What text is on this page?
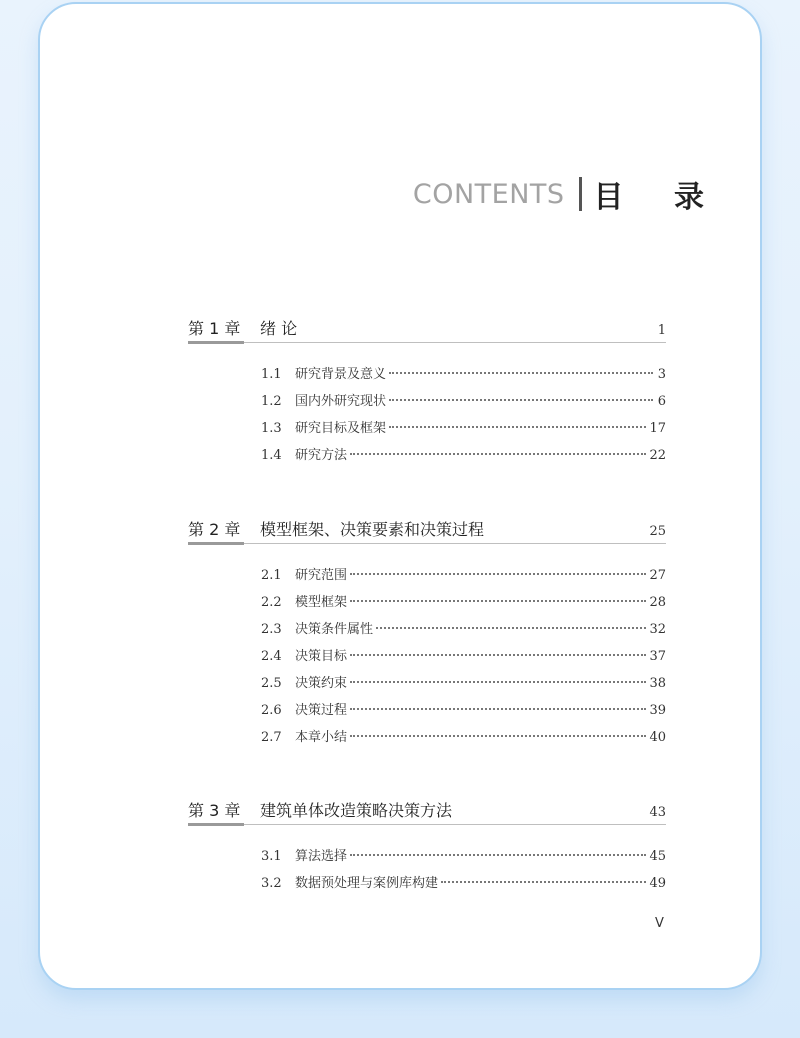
CONTENTS 目 录
第 1 章	绪 论	1
1.1	研究背景及意义	3
1.2	国内外研究现状	6
1.3	研究目标及框架	17
1.4	研究方法	22
第 2 章	模型框架、决策要素和决策过程	25
2.1	研究范围	27
2.2	模型框架	28
2.3	决策条件属性	32
2.4	决策目标	37
2.5	决策约束	38
2.6	决策过程	39
2.7	本章小结	40
第 3 章	建筑单体改造策略决策方法	43
3.1	算法选择	45
3.2	数据预处理与案例库构建	49
V
